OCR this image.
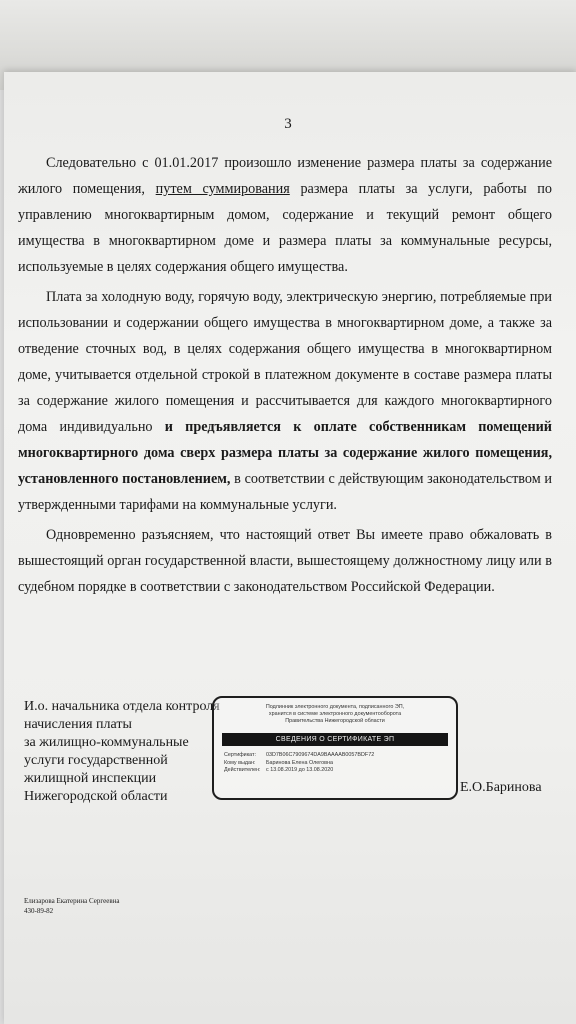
3

Следовательно с 01.01.2017 произошло изменение размера платы за содержание жилого помещения, путем суммирования размера платы за услуги, работы по управлению многоквартирным домом, содержание и текущий ремонт общего имущества в многоквартирном доме и размера платы за коммунальные ресурсы, используемые в целях содержания общего имущества.

Плата за холодную воду, горячую воду, электрическую энергию, потребляемые при использовании и содержании общего имущества в многоквартирном доме, а также за отведение сточных вод, в целях содержания общего имущества в многоквартирном доме, учитывается отдельной строкой в платежном документе в составе размера платы за содержание жилого помещения и рассчитывается для каждого многоквартирного дома индивидуально и предъявляется к оплате собственникам помещений многоквартирного дома сверх размера платы за содержание жилого помещения, установленного постановлением, в соответствии с действующим законодательством и утвержденными тарифами на коммунальные услуги.

Одновременно разъясняем, что настоящий ответ Вы имеете право обжаловать в вышестоящий орган государственной власти, вышестоящему должностному лицу или в судебном порядке в соответствии с законодательством Российской Федерации.

И.о. начальника отдела контроля
начисления платы
за жилищно-коммунальные
услуги государственной
жилищной инспекции
Нижегородской области
Подлинник электронного документа, подписанного ЭП,
хранится в системе электронного документооборота
Правительства Нижегородской области
СВЕДЕНИЯ О СЕРТИФИКАТЕ ЭП
Сертификат:	03D7B06C7909674DA9BAAAAB0057BDF72
Кому выдан:	Баринова Елена Олеговна
Действителен:	с 13.08.2019 до 13.08.2020
Е.О.Баринова
Елизарова Екатерина Сергеевна
430-89-82
